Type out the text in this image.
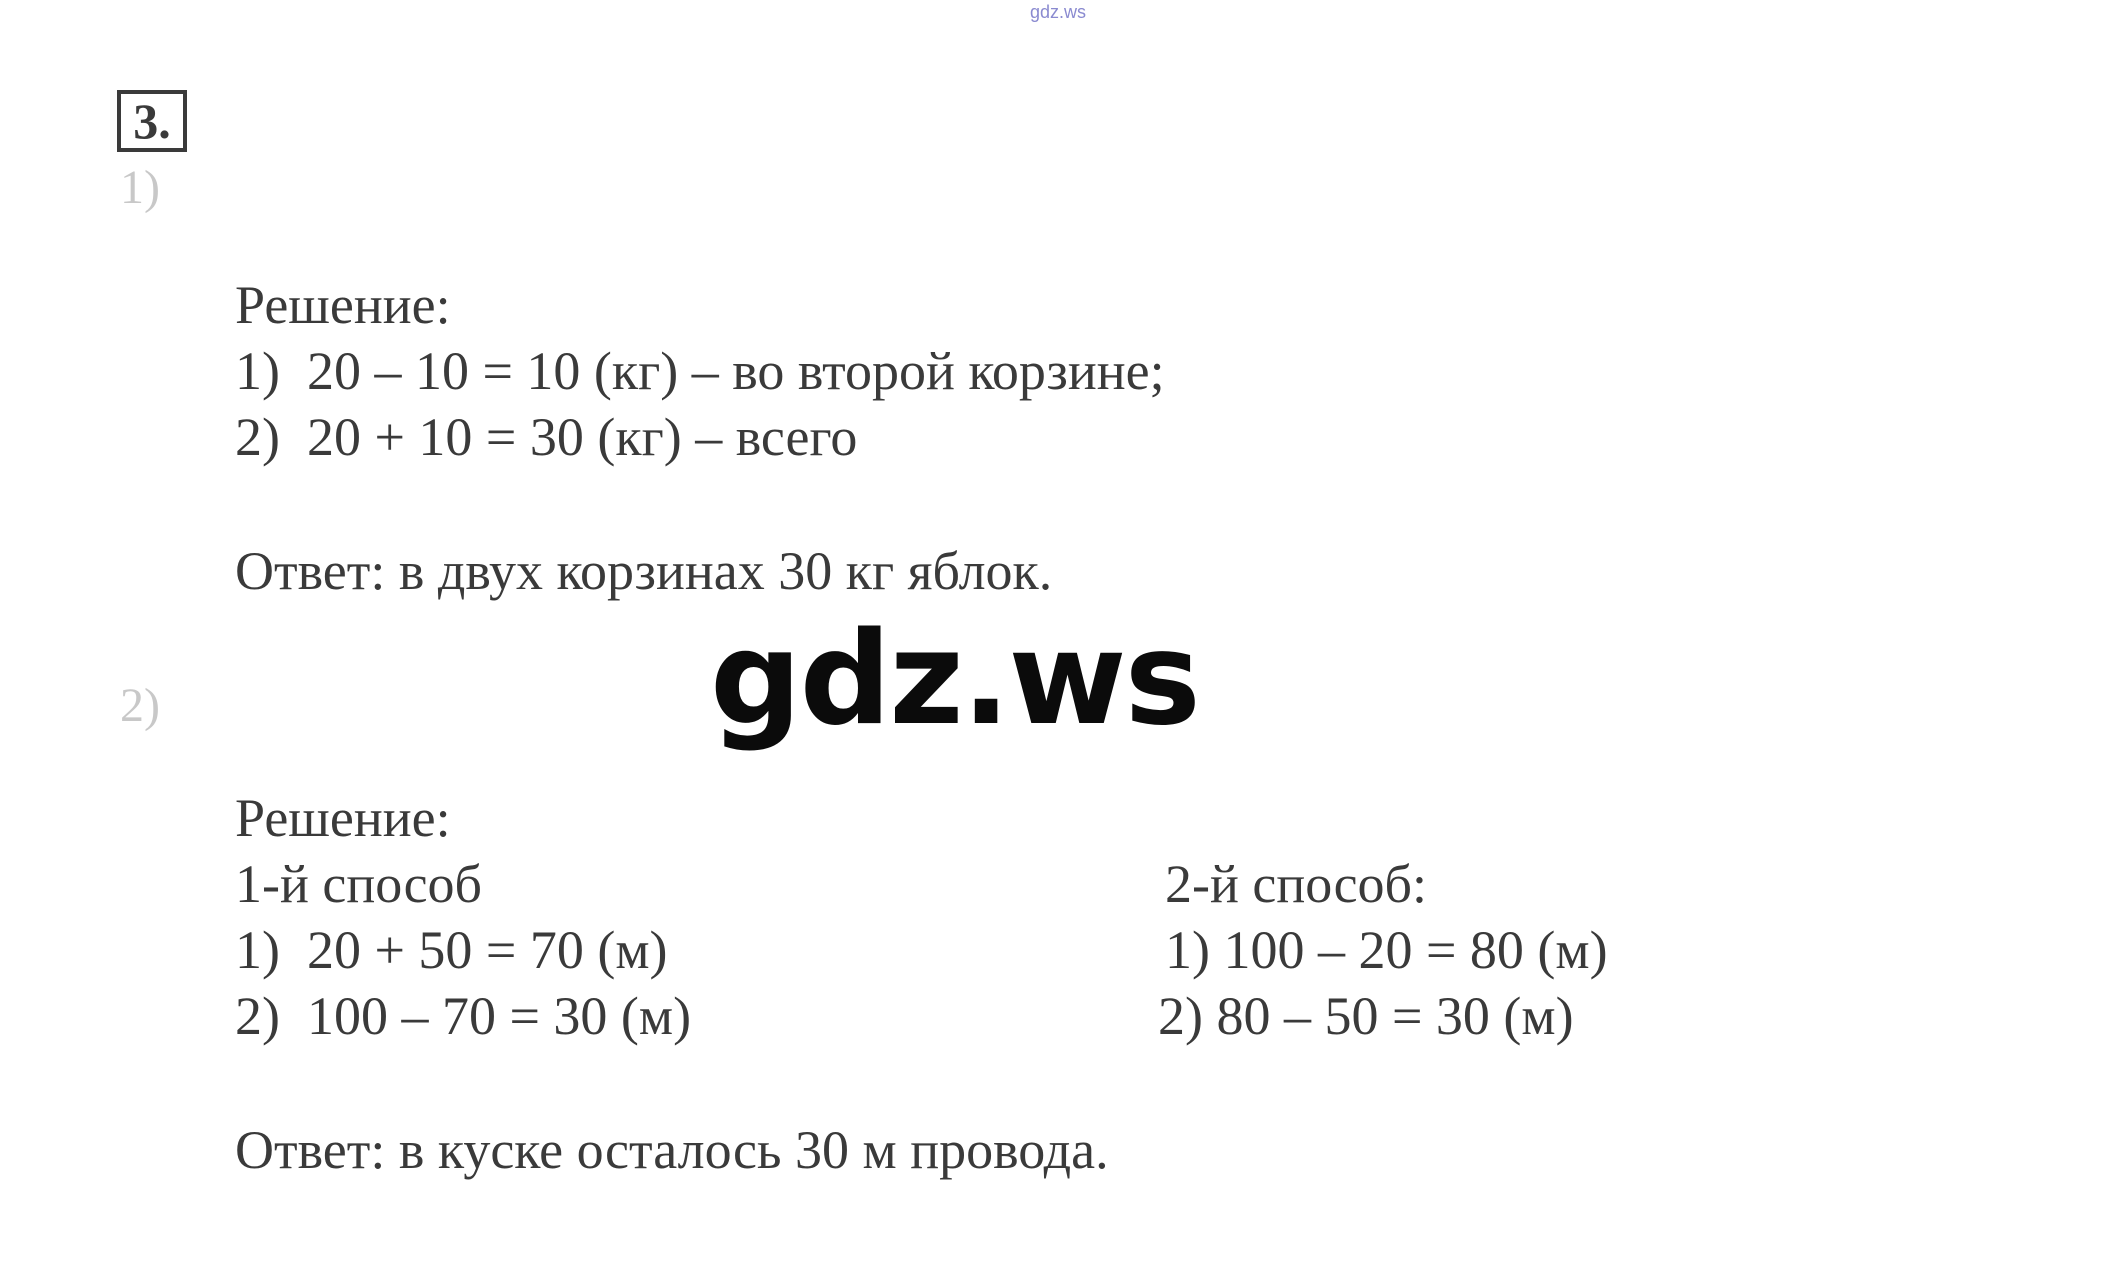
gdz.ws
3.
1)
Решение:
1)  20 – 10 = 10 (кг) – во второй корзине;
2)  20 + 10 = 30 (кг) – всего
Ответ: в двух корзинах 30 кг яблок.
gdz.ws
2)
Решение:
1-й способ
1)  20 + 50 = 70 (м)
2)  100 – 70 = 30 (м)
2-й способ:
1) 100 – 20 = 80 (м)
2) 80 – 50 = 30 (м)
Ответ: в куске осталось 30 м провода.
